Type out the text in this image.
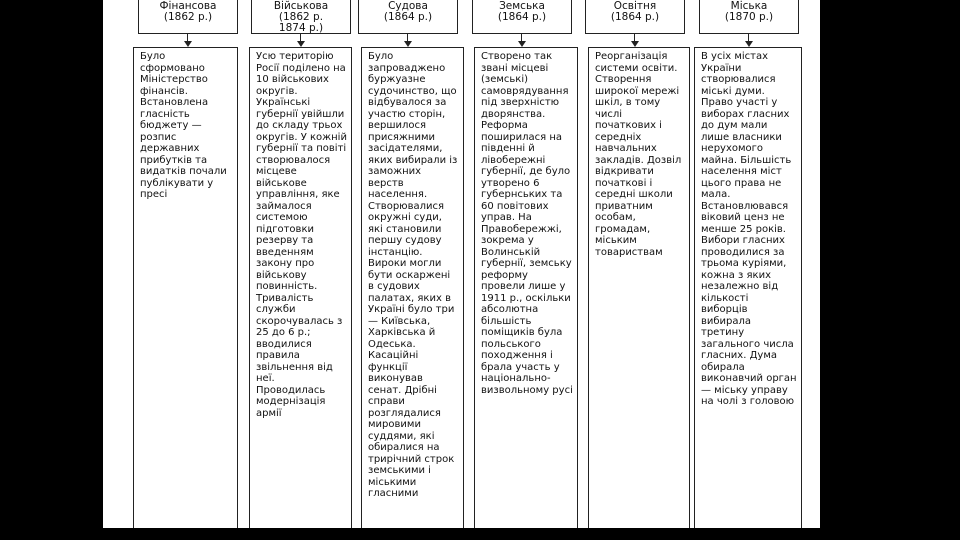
Фінансова
(1862 р.)
Військова
(1862 р.
1874 р.)
Судова
(1864 р.)
Земська
(1864 р.)
Освітня
(1864 р.)
Міська
(1870 р.)
Було сформовано Міністерство фінансів. Встановлена гласність бюджету — розпис державних прибутків та видатків почали публікувати у пресі
Усю територію Росії поділено на 10 військових округів. Українські губернії увійшли до складу трьох округів. У кожній губернії та повіті створювалося місцеве військове управління, яке займалося системою підготовки резерву та введенням закону про військову повинність. Тривалість служби скорочувалась з 25 до 6 р.; вводилися правила звільнення від неї. Проводилась модернізація армії
Було запроваджено буржуазне судочинство, що відбувалося за участю сторін, вершилося присяжними засідателями, яких вибирали із заможних верств населення. Створювалися окружні суди, які становили першу судову інстанцію. Вироки могли бути оскаржені в судових палатах, яких в Україні було три — Київська, Харківська й Одеська. Касаційні функції виконував сенат. Дрібні справи розглядалися мировими суддями, які обиралися на трирічний строк земськими і міськими гласними
Створено так звані місцеві (земські) самоврядування під зверхністю дворянства. Реформа поширилася на південні й лівобережні губернії, де було утворено 6 губернських та 60 повітових управ. На Правобережжі, зокрема у Волинській губернії, земську реформу провели лише у 1911 р., оскільки абсолютна більшість поміщиків була польського походження і брала участь у національно-визвольному русі
Реорганізація системи освіти. Створення широкої мережі шкіл, в тому числі початкових і середніх навчальних закладів. Дозвіл відкривати початкові і середні школи приватним особам, громадам, міським товариствам
В усіх містах України створювалися міські думи. Право участі у виборах гласних до дум мали лише власники нерухомого майна. Більшість населення міст цього права не мала. Встановлювався віковий ценз не менше 25 років. Вибори гласних проводилися за трьома куріями, кожна з яких незалежно від кількості виборців вибирала третину загального числа гласних. Дума обирала виконавчий орган — міську управу на чолі з головою
